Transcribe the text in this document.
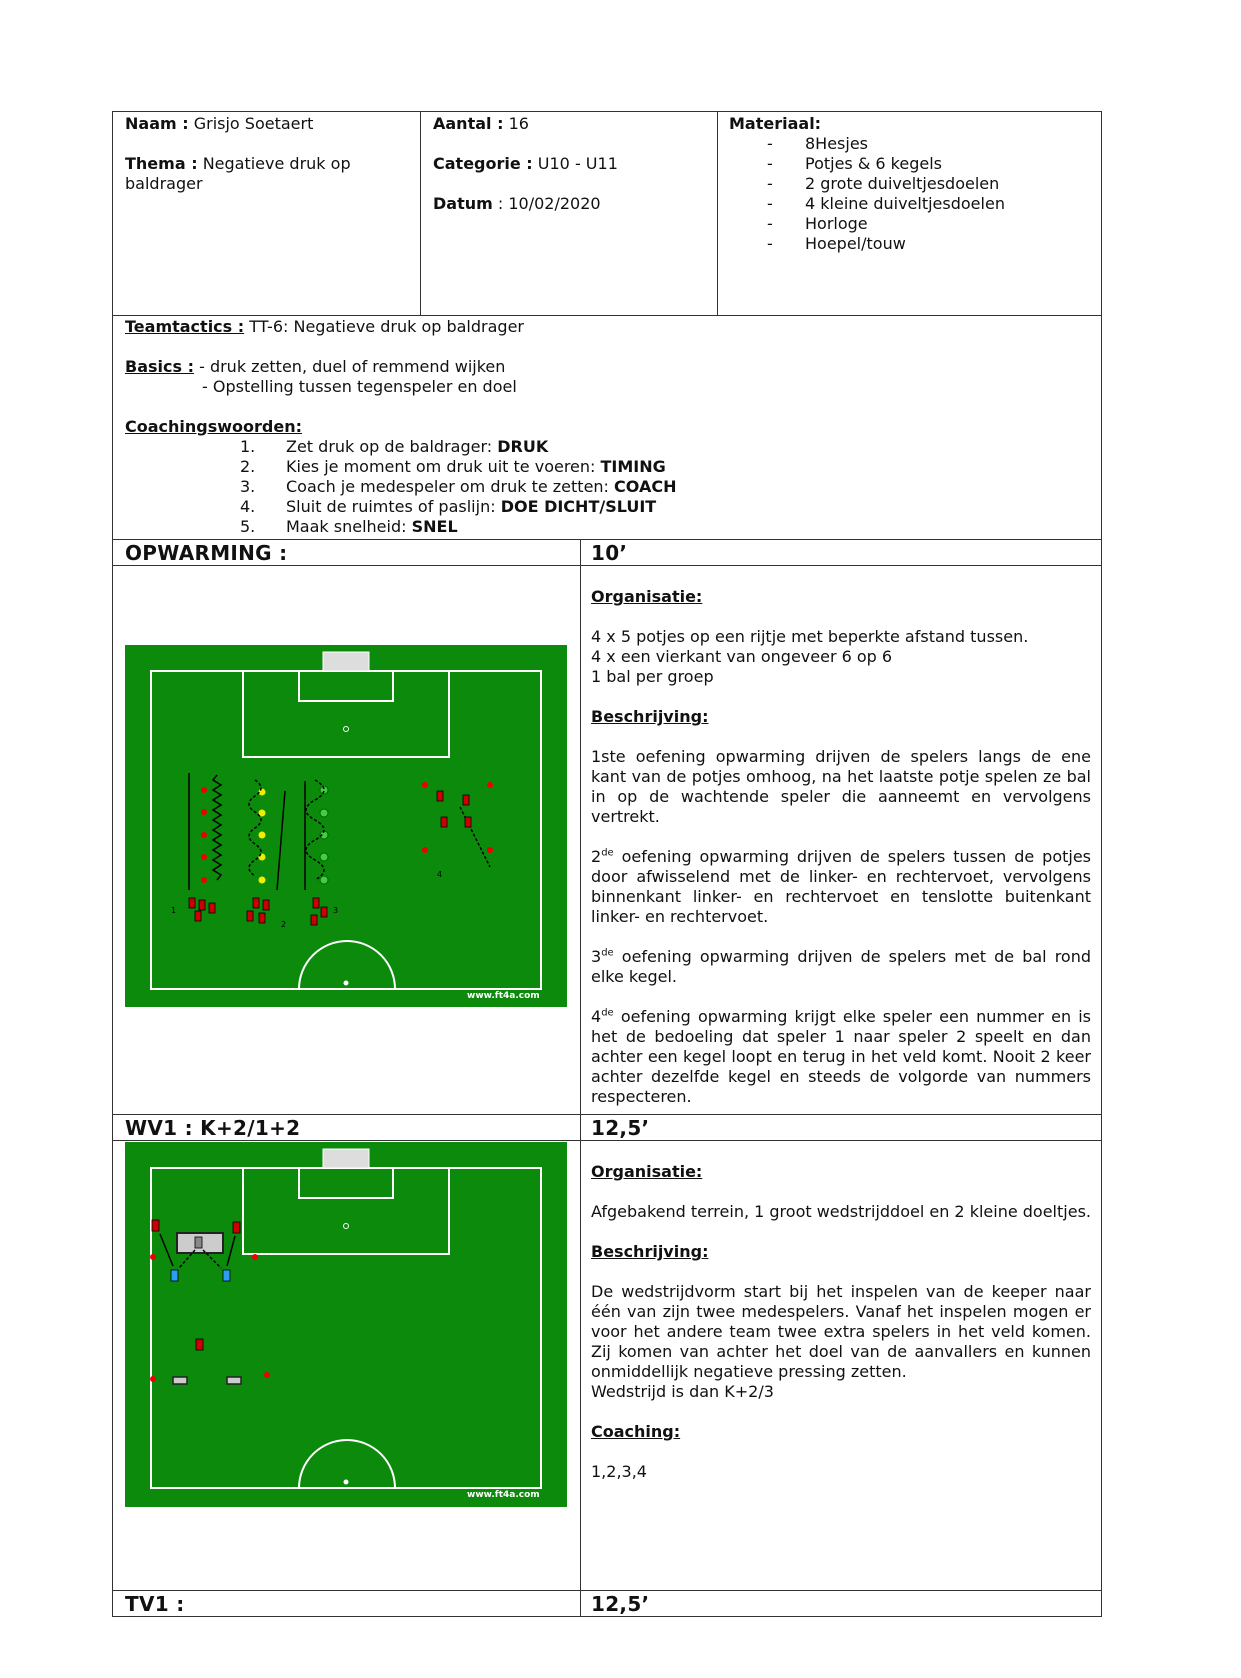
Naam : Grisjo Soetaert

Thema : Negatieve druk op baldrager

Aantal : 16

Categorie : U10 - U11

Datum : 10/02/2020

Materiaal:

- 8Hesjes
- Potjes & 6 kegels
- 2 grote duiveltjesdoelen
- 4 kleine duiveltjesdoelen
- Horloge
- Hoepel/touw

Teamtactics : TT-6: Negatieve druk op baldrager

Basics : - druk zetten, duel of remmend wijken

- Opstelling tussen tegenspeler en doel

Coachingswoorden:

1. Zet druk op de baldrager: DRUK
2. Kies je moment om druk uit te voeren: TIMING
3. Coach je medespeler om druk te zetten: COACH
4. Sluit de ruimtes of paslijn: DOE DICHT/SLUIT
5. Maak snelheid: SNEL
OPWARMING :	10’
1
2
3
4
www.ft4a.com

Organisatie:

4 x 5 potjes op een rijtje met beperkte afstand tussen.

4 x een vierkant van ongeveer 6 op 6

1 bal per groep

Beschrijving:

1ste oefening opwarming drijven de spelers langs de ene kant van de potjes omhoog, na het laatste potje spelen ze bal in op de wachtende speler die aanneemt en vervolgens vertrekt.

2de oefening opwarming drijven de spelers tussen de potjes door afwisselend met de linker- en rechtervoet, vervolgens binnenkant linker- en rechtervoet en tenslotte buitenkant linker- en rechtervoet.

3de oefening opwarming drijven de spelers met de bal rond elke kegel.

4de oefening opwarming krijgt elke speler een nummer en is het de bedoeling dat speler 1 naar speler 2 speelt en dan achter een kegel loopt en terug in het veld komt. Nooit 2 keer achter dezelfde kegel en steeds de volgorde van nummers respecteren.

WV1 : K+2/1+2	12,5’
www.ft4a.com

Organisatie:

Afgebakend terrein, 1 groot wedstrijddoel en 2 kleine doeltjes.

Beschrijving:

De wedstrijdvorm start bij het inspelen van de keeper naar één van zijn twee medespelers. Vanaf het inspelen mogen er voor het andere team twee extra spelers in het veld komen. Zij komen van achter het doel van de aanvallers en kunnen onmiddellijk negatieve pressing zetten.

Wedstrijd is dan K+2/3

Coaching:

1,2,3,4

TV1 :	12,5’
